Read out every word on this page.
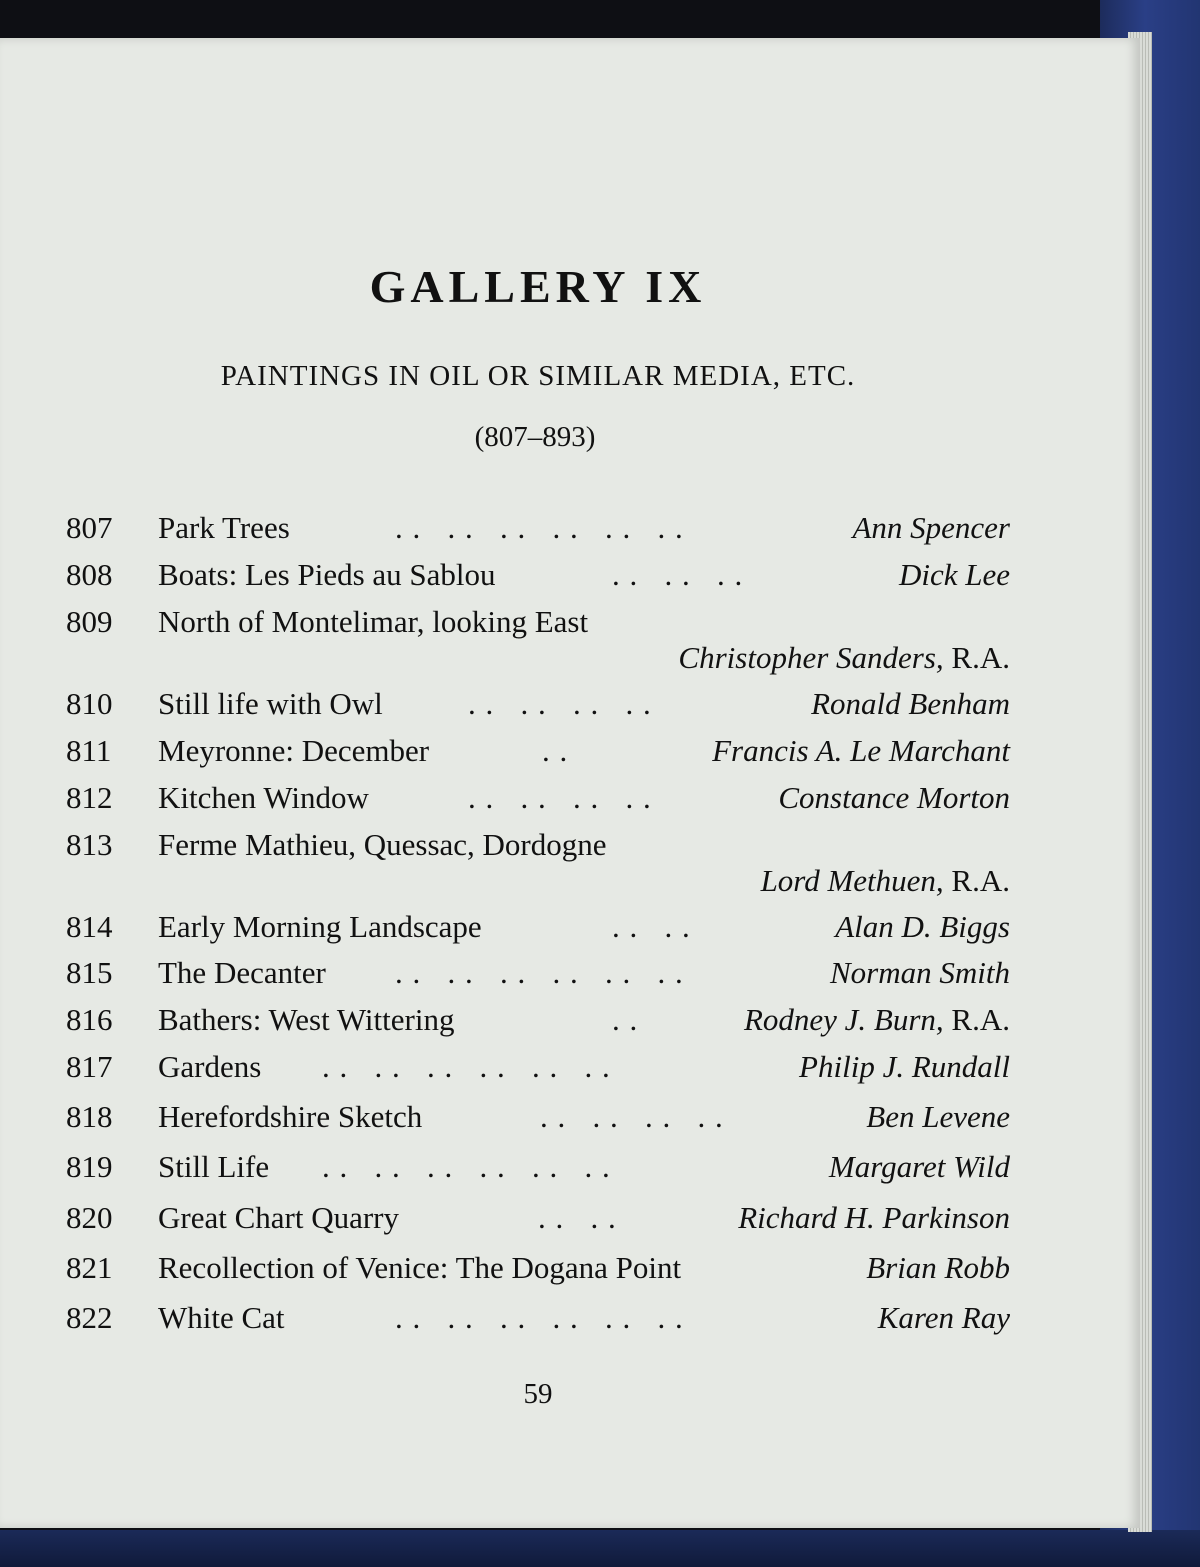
GALLERY IX

PAINTINGS IN OIL OR SIMILAR MEDIA, ETC.

(807–893)

807 Park Trees	. .   . .   . .   . .   . .   . .	Ann Spencer
808 Boats: Les Pieds au Sablou	. .   . .   . .	Dick Lee
809 North of Montelimar, looking East
Christopher Sanders, R.A.
810 Still life with Owl	. .   . .   . .   . .	Ronald Benham
811 Meyronne: December	. .	Francis A. Le Marchant
812 Kitchen Window	. .   . .   . .   . .	Constance Morton
813 Ferme Mathieu, Quessac, Dordogne
Lord Methuen, R.A.
814 Early Morning Landscape	. .   . .	Alan D. Biggs
815 The Decanter . .   . .   . .   . .   . .   . .	Norman Smith
816 Bathers: West Wittering	. .	Rodney J. Burn, R.A.
817 Gardens . .   . .   . .   . .   . .   . .	Philip J. Rundall
818 Herefordshire Sketch	. .   . .   . .   . .	Ben Levene
819 Still Life . .   . .   . .   . .   . .   . .	Margaret Wild
820 Great Chart Quarry	. .   . .	Richard H. Parkinson
821 Recollection of Venice: The Dogana Point	Brian Robb
822 White Cat	. .   . .   . .   . .   . .   . .	Karen Ray

59
